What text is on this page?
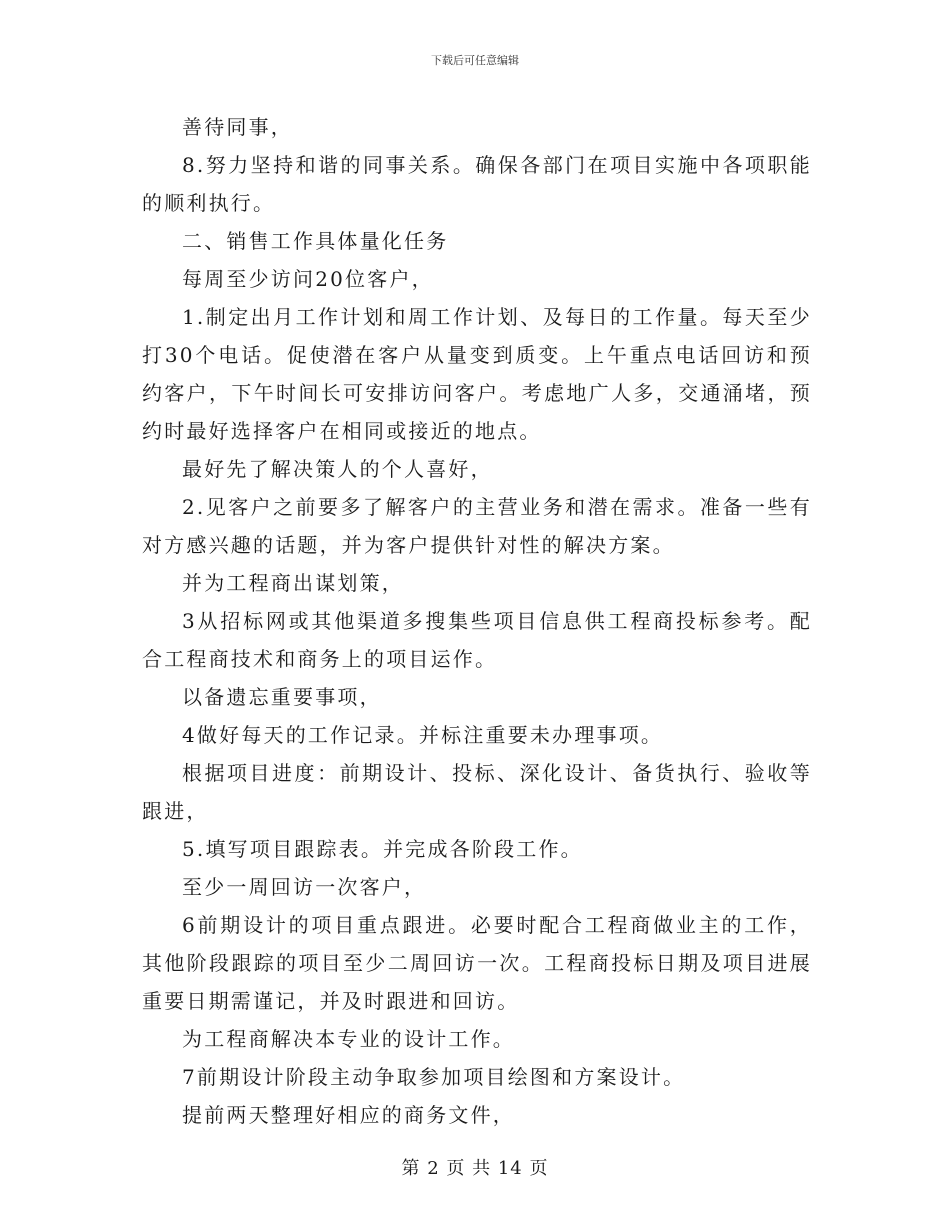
下载后可任意编辑

善待同事，

8.努力坚持和谐的同事关系。确保各部门在项目实施中各项职能的顺利执行。

二、销售工作具体量化任务

每周至少访问20位客户，

1.制定出月工作计划和周工作计划、及每日的工作量。每天至少打30个电话。促使潜在客户从量变到质变。上午重点电话回访和预约客户，下午时间长可安排访问客户。考虑地广人多，交通涌堵，预约时最好选择客户在相同或接近的地点。

最好先了解决策人的个人喜好，

2.见客户之前要多了解客户的主营业务和潜在需求。准备一些有对方感兴趣的话题，并为客户提供针对性的解决方案。

并为工程商出谋划策，

3从招标网或其他渠道多搜集些项目信息供工程商投标参考。配合工程商技术和商务上的项目运作。

以备遗忘重要事项，

4做好每天的工作记录。并标注重要未办理事项。

根据项目进度：前期设计、投标、深化设计、备货执行、验收等跟进，

5.填写项目跟踪表。并完成各阶段工作。

至少一周回访一次客户，

6前期设计的项目重点跟进。必要时配合工程商做业主的工作，其他阶段跟踪的项目至少二周回访一次。工程商投标日期及项目进展重要日期需谨记，并及时跟进和回访。

为工程商解决本专业的设计工作。

7前期设计阶段主动争取参加项目绘图和方案设计。

提前两天整理好相应的商务文件，

第 2 页 共 14 页
